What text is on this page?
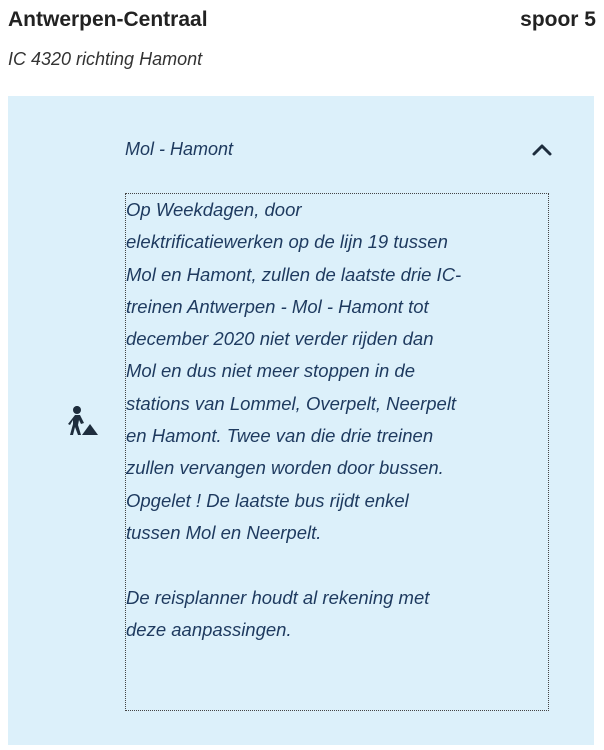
Antwerpen-Centraal	spoor 5
IC 4320 richting Hamont
Mol - Hamont
Op Weekdagen, door
elektrificatiewerken op de lijn 19 tussen
Mol en Hamont, zullen de laatste drie IC-
treinen Antwerpen - Mol - Hamont tot
december 2020 niet verder rijden dan
Mol en dus niet meer stoppen in de
stations van Lommel, Overpelt, Neerpelt
en Hamont. Twee van die drie treinen
zullen vervangen worden door bussen.
Opgelet ! De laatste bus rijdt enkel
tussen Mol en Neerpelt.
De reisplanner houdt al rekening met
deze aanpassingen.
